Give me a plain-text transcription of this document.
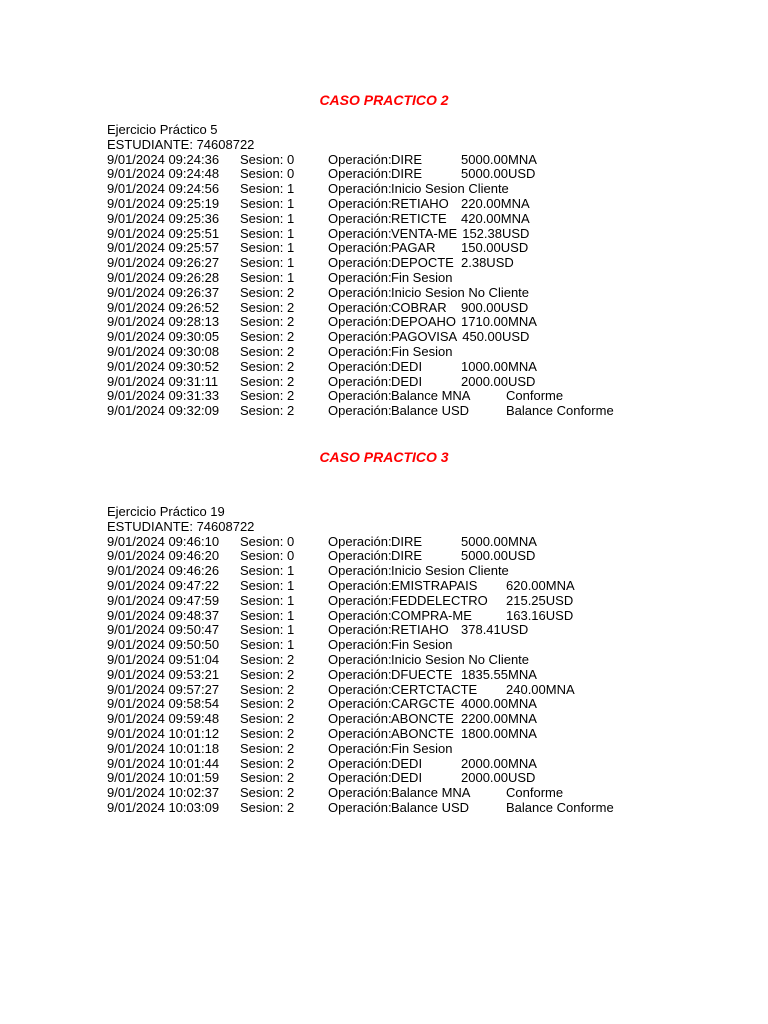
CASO PRACTICO 2
Ejercicio Práctico 5
ESTUDIANTE: 74608722
9/01/2024 09:24:36 Sesion: 0	Operación: DIRE	5000.00MNA
9/01/2024 09:24:48 Sesion: 0	Operación: DIRE	5000.00USD
9/01/2024 09:24:56 Sesion: 1	Operación: Inicio Sesion Cliente
9/01/2024 09:25:19 Sesion: 1	Operación: RETIAHO 220.00MNA
9/01/2024 09:25:36 Sesion: 1	Operación: RETICTE 420.00MNA
9/01/2024 09:25:51 Sesion: 1	Operación: VENTA-ME 152.38USD
9/01/2024 09:25:57 Sesion: 1	Operación: PAGAR 150.00USD
9/01/2024 09:26:27 Sesion: 1	Operación: DEPOCTE 2.38USD
9/01/2024 09:26:28 Sesion: 1	Operación: Fin Sesion
9/01/2024 09:26:37 Sesion: 2	Operación: Inicio Sesion No Cliente
9/01/2024 09:26:52 Sesion: 2	Operación: COBRAR 900.00USD
9/01/2024 09:28:13 Sesion: 2	Operación: DEPOAHO 1710.00MNA
9/01/2024 09:30:05 Sesion: 2	Operación: PAGOVISA 450.00USD
9/01/2024 09:30:08 Sesion: 2	Operación: Fin Sesion
9/01/2024 09:30:52 Sesion: 2	Operación: DEDI	1000.00MNA
9/01/2024 09:31:11 Sesion: 2	Operación: DEDI	2000.00USD
9/01/2024 09:31:33 Sesion: 2	Operación: Balance MNA	Conforme
9/01/2024 09:32:09 Sesion: 2	Operación: Balance USD	Balance Conforme
CASO PRACTICO 3
Ejercicio Práctico 19
ESTUDIANTE: 74608722
9/01/2024 09:46:10 Sesion: 0	Operación: DIRE	5000.00MNA
9/01/2024 09:46:20 Sesion: 0	Operación: DIRE	5000.00USD
9/01/2024 09:46:26 Sesion: 1	Operación: Inicio Sesion Cliente
9/01/2024 09:47:22 Sesion: 1	Operación: EMISTRAPAIS 620.00MNA
9/01/2024 09:47:59 Sesion: 1	Operación: FEDDELECTRO 215.25USD
9/01/2024 09:48:37 Sesion: 1	Operación: COMPRA-ME	163.16USD
9/01/2024 09:50:47 Sesion: 1	Operación: RETIAHO 378.41USD
9/01/2024 09:50:50 Sesion: 1	Operación: Fin Sesion
9/01/2024 09:51:04 Sesion: 2	Operación: Inicio Sesion No Cliente
9/01/2024 09:53:21 Sesion: 2	Operación: DFUECTE 1835.55MNA
9/01/2024 09:57:27 Sesion: 2	Operación: CERTCTACTE 240.00MNA
9/01/2024 09:58:54 Sesion: 2	Operación: CARGCTE 4000.00MNA
9/01/2024 09:59:48 Sesion: 2	Operación: ABONCTE 2200.00MNA
9/01/2024 10:01:12 Sesion: 2	Operación: ABONCTE 1800.00MNA
9/01/2024 10:01:18 Sesion: 2	Operación: Fin Sesion
9/01/2024 10:01:44 Sesion: 2	Operación: DEDI	2000.00MNA
9/01/2024 10:01:59 Sesion: 2	Operación: DEDI	2000.00USD
9/01/2024 10:02:37 Sesion: 2	Operación: Balance MNA	Conforme
9/01/2024 10:03:09 Sesion: 2	Operación: Balance USD	Balance Conforme
